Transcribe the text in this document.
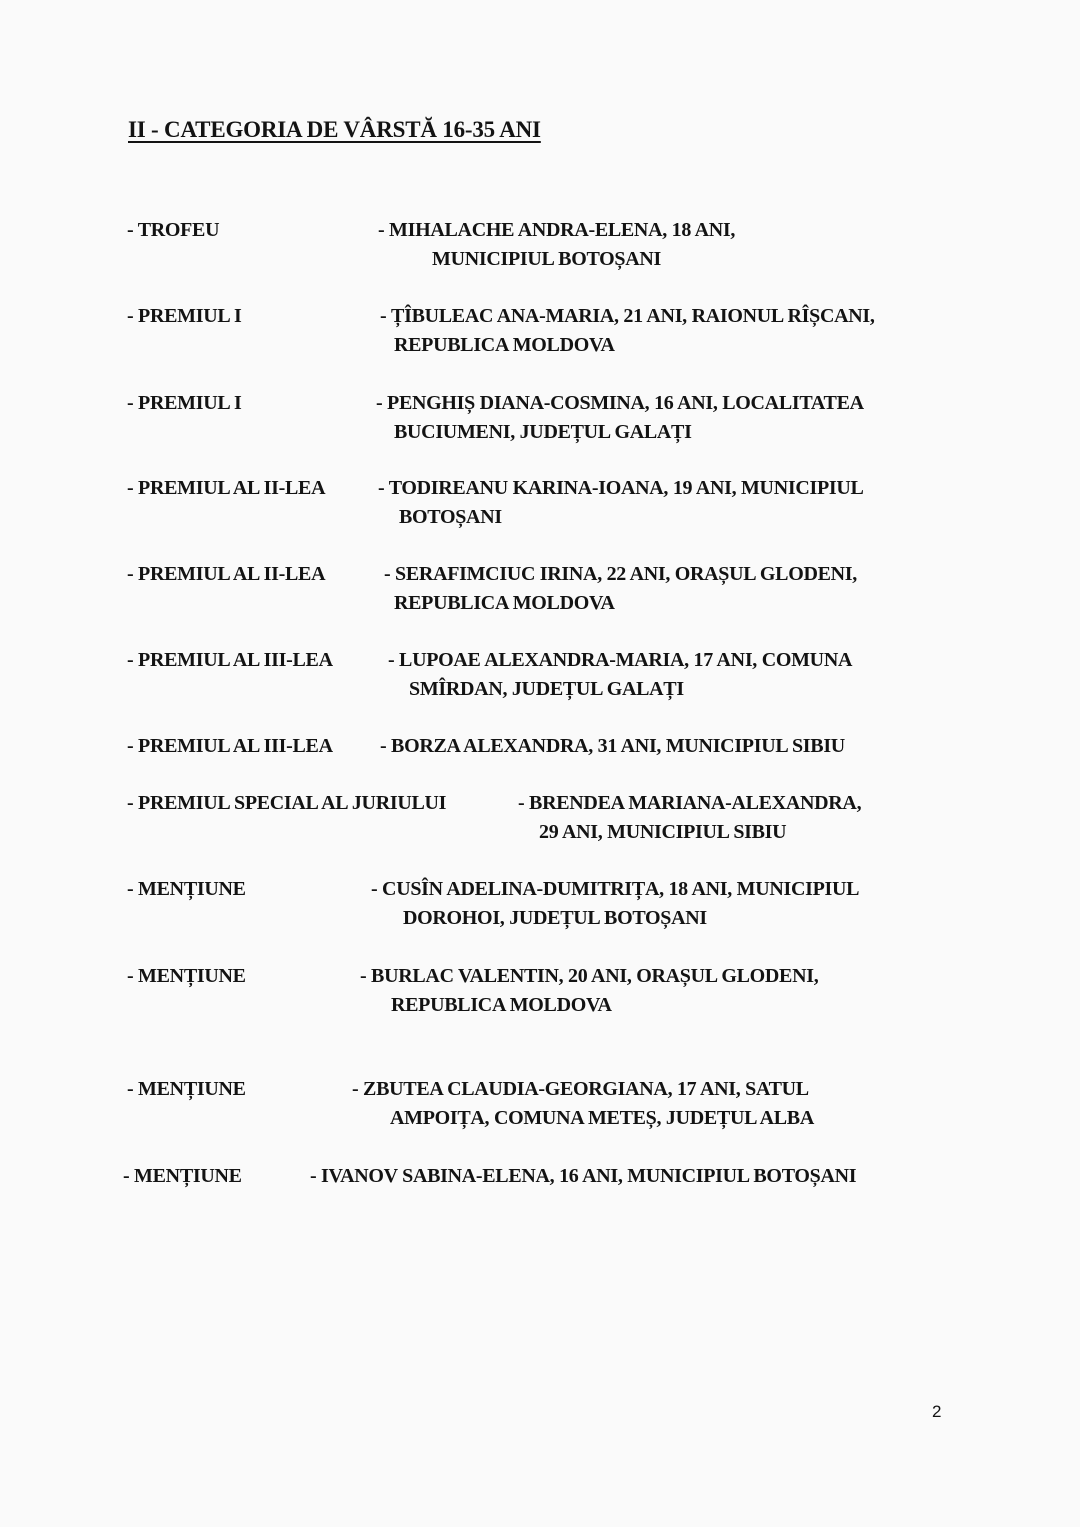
II - CATEGORIA DE VÂRSTĂ 16-35 ANI
- TROFEU	- MIHALACHE ANDRA-ELENA, 18 ANI,
MUNICIPIUL BOTOȘANI
- PREMIUL I	- ȚÎBULEAC ANA-MARIA, 21 ANI, RAIONUL RÎȘCANI,
REPUBLICA MOLDOVA
- PREMIUL I	- PENGHIȘ DIANA-COSMINA, 16 ANI, LOCALITATEA
BUCIUMENI, JUDEȚUL GALAȚI
- PREMIUL AL II-LEA	- TODIREANU KARINA-IOANA, 19 ANI, MUNICIPIUL
BOTOȘANI
- PREMIUL AL II-LEA	- SERAFIMCIUC IRINA, 22 ANI, ORAȘUL GLODENI,
REPUBLICA MOLDOVA
- PREMIUL AL III-LEA	- LUPOAE ALEXANDRA-MARIA, 17 ANI, COMUNA
SMÎRDAN, JUDEȚUL GALAȚI
- PREMIUL AL III-LEA - BORZA ALEXANDRA, 31 ANI, MUNICIPIUL SIBIU
- PREMIUL SPECIAL AL JURIULUI	- BRENDEA MARIANA-ALEXANDRA,
29 ANI, MUNICIPIUL SIBIU
- MENȚIUNE	- CUSÎN ADELINA-DUMITRIȚA, 18 ANI, MUNICIPIUL
DOROHOI, JUDEȚUL BOTOȘANI
- MENȚIUNE	- BURLAC VALENTIN, 20 ANI, ORAȘUL GLODENI,
REPUBLICA MOLDOVA
- MENȚIUNE	- ZBUTEA CLAUDIA-GEORGIANA, 17 ANI, SATUL
AMPOIȚA, COMUNA METEȘ, JUDEȚUL ALBA
- MENȚIUNE	- IVANOV SABINA-ELENA, 16 ANI, MUNICIPIUL BOTOȘANI
2
